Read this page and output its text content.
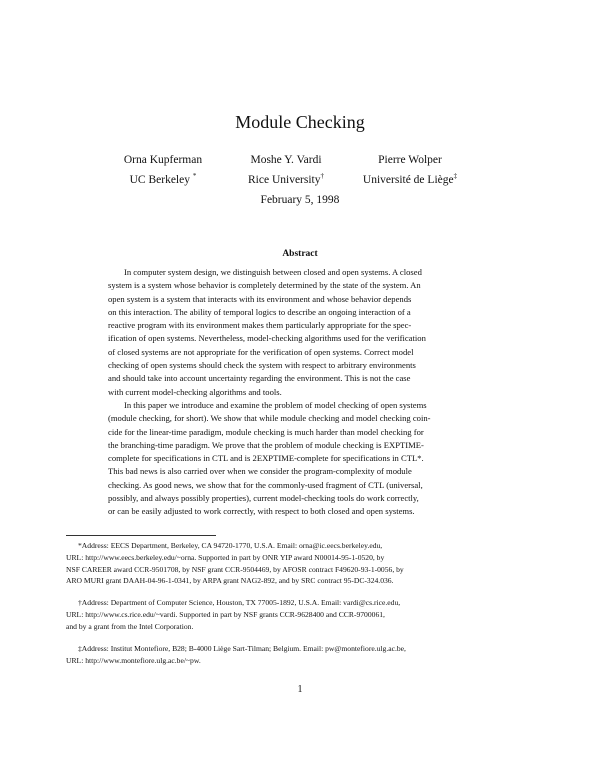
Module Checking
Orna Kupferman
UC Berkeley *
Moshe Y. Vardi
Rice University†
Pierre Wolper
Université de Liège‡
February 5, 1998
Abstract
In computer system design, we distinguish between closed and open systems. A closed
system is a system whose behavior is completely determined by the state of the system. An
open system is a system that interacts with its environment and whose behavior depends
on this interaction. The ability of temporal logics to describe an ongoing interaction of a
reactive program with its environment makes them particularly appropriate for the spec-
ification of open systems. Nevertheless, model-checking algorithms used for the verification
of closed systems are not appropriate for the verification of open systems. Correct model
checking of open systems should check the system with respect to arbitrary environments
and should take into account uncertainty regarding the environment. This is not the case
with current model-checking algorithms and tools.
In this paper we introduce and examine the problem of model checking of open systems
(module checking, for short). We show that while module checking and model checking coin-
cide for the linear-time paradigm, module checking is much harder than model checking for
the branching-time paradigm. We prove that the problem of module checking is EXPTIME-
complete for specifications in CTL and is 2EXPTIME-complete for specifications in CTL*.
This bad news is also carried over when we consider the program-complexity of module
checking. As good news, we show that for the commonly-used fragment of CTL (universal,
possibly, and always possibly properties), current model-checking tools do work correctly,
or can be easily adjusted to work correctly, with respect to both closed and open systems.
*Address: EECS Department, Berkeley, CA 94720-1770, U.S.A. Email: orna@ic.eecs.berkeley.edu,
URL: http://www.eecs.berkeley.edu/~orna. Supported in part by ONR YIP award N00014-95-1-0520, by
NSF CAREER award CCR-9501708, by NSF grant CCR-9504469, by AFOSR contract F49620-93-1-0056, by
ARO MURI grant DAAH-04-96-1-0341, by ARPA grant NAG2-892, and by SRC contract 95-DC-324.036.
†Address: Department of Computer Science, Houston, TX 77005-1892, U.S.A. Email: vardi@cs.rice.edu,
URL: http://www.cs.rice.edu/~vardi. Supported in part by NSF grants CCR-9628400 and CCR-9700061,
and by a grant from the Intel Corporation.
‡Address: Institut Montefiore, B28; B-4000 Liège Sart-Tilman; Belgium. Email: pw@montefiore.ulg.ac.be,
URL: http://www.montefiore.ulg.ac.be/~pw.
1
